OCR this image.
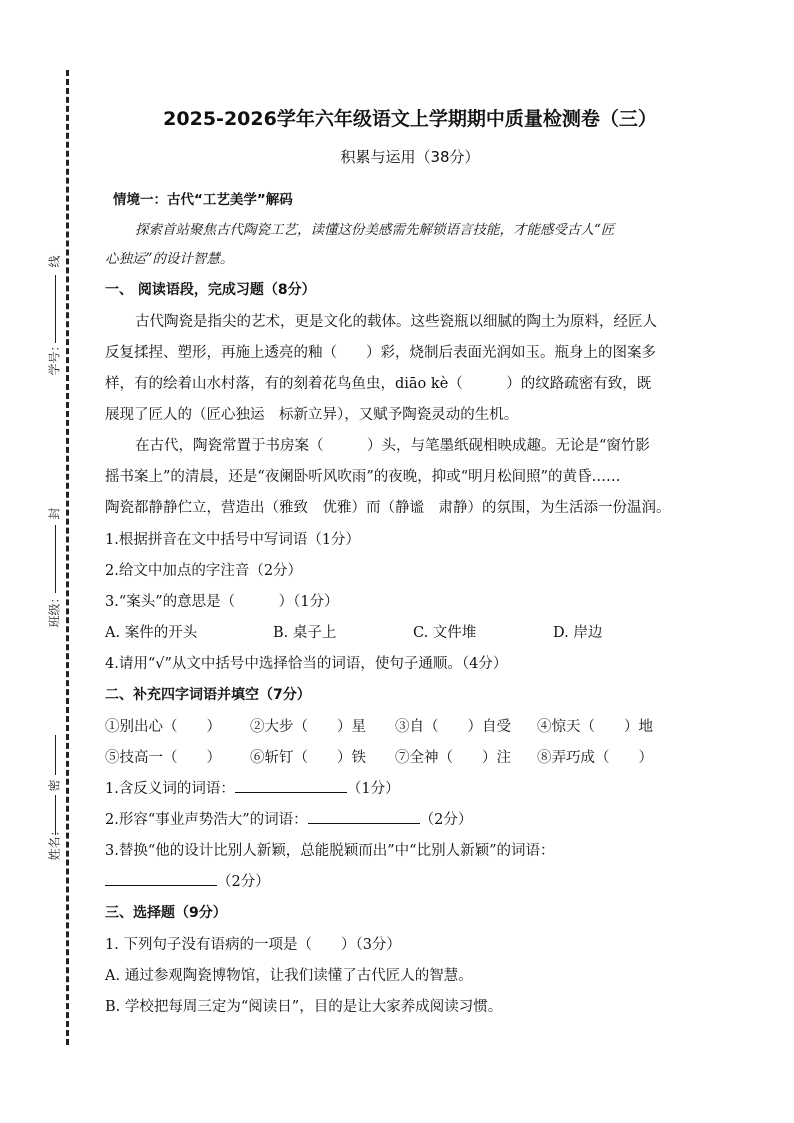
线
学号：
封
班级：
密
姓名：
2025-2026学年六年级语文上学期期中质量检测卷（三）
积累与运用（38分）
情境一：古代“工艺美学”解码
探索首站聚焦古代陶瓷工艺，读懂这份美感需先解锁语言技能，才能感受古人“匠
心独运”的设计智慧。
一、 阅读语段，完成习题（8分）
古代陶瓷是指尖的艺术，更是文化的载体。这些瓷瓶以细腻的陶土为原料，经匠人
反复揉捏、塑形，再施上透亮的釉（　　）彩，烧制后表面光润如玉。瓶身上的图案多
样，有的绘着山水村落，有的刻着花鸟鱼虫，diāo kè（　　　）的纹路疏密有致，既
展现了匠人的（匠心独运　标新立异），又赋予陶瓷灵动的生机。
在古代，陶瓷常置于书房案（　　　）头，与笔墨纸砚相映成趣。无论是“窗竹影
摇书案上”的清晨，还是“夜阑卧听风吹雨”的夜晚，抑或“明月松间照”的黄昏……
陶瓷都静静伫立，营造出（雅致　优雅）而（静谧　肃静）的氛围，为生活添一份温润。
1.根据拼音在文中括号中写词语（1分）
2.给文中加点的字注音（2分）
3.“案头”的意思是（　　　）（1分）
A. 案件的开头	B. 桌子上	C. 文件堆	D. 岸边
4.请用“√”从文中括号中选择恰当的词语，使句子通顺。（4分）
二、补充四字词语并填空（7分）
①别出心（　　） ②大步（　　）星 ③自（　　）自受 ④惊天（　　）地
⑤技高一（　　） ⑥斩钉（　　）铁 ⑦全神（　　）注 ⑧弄巧成（　　）
1.含反义词的词语：	（1分）
2.形容“事业声势浩大”的词语：	（2分）
3.替换“他的设计比别人新颖，总能脱颖而出”中“比别人新颖”的词语：
（2分）
三、选择题（9分）
1. 下列句子没有语病的一项是（　　）（3分）
A. 通过参观陶瓷博物馆，让我们读懂了古代匠人的智慧。
B. 学校把每周三定为“阅读日”，目的是让大家养成阅读习惯。
